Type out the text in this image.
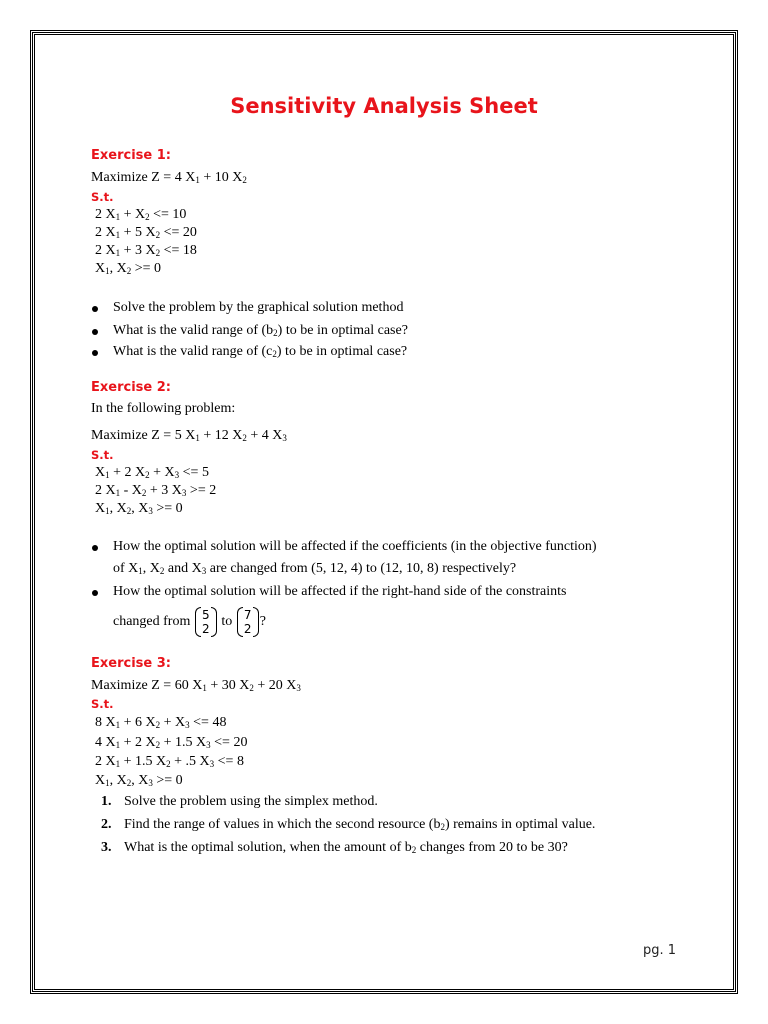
Sensitivity Analysis Sheet
Exercise 1:
Maximize Z = 4 $X_1 + 10$ $X_2$
S.t.
2 $X_1 + X_2 <= 10$
2 $X_1 + 5$ $X_2 <= 20$
2 $X_1 + 3$ $X_2 <= 18$
$X_1$, $X_2 >= 0$
Solve the problem by the graphical solution method
What is the valid range of $(b_2)$ to be in optimal case?
What is the valid range of $(c_2)$ to be in optimal case?
Exercise 2:
In the following problem:
Maximize Z = 5 $X_1 + 12$ $X_2 + 4$ $X_3$
S.t.
$X_1 + 2$ $X_2 + X_3 <= 5$
2 $X_1 - X_2 + 3$ $X_3 >= 2$
$X_1$, $X_2$, $X_3 >= 0$
How the optimal solution will be affected if the coefficients (in the objective function)
of $X_1$, $X_2$ and $X_3$ are changed from (5, 12, 4) to (12, 10, 8) respectively?
How the optimal solution will be affected if the right-hand side of the constraints
changed from 5
2 to 7
2 ?
Exercise 3:
Maximize Z = 60 $X_1 + 30$ $X_2 + 20$ $X_3$
S.t.
8 $X_1 + 6$ $X_2 + X_3 <= 48$
4 $X_1 + 2$ $X_2 + 1.5$ $X_3 <= 20$
2 $X_1 + 1.5$ $X_2 + .5$ $X_3 <= 8$
$X_1$, $X_2$, $X_3 >= 0$
1. Solve the problem using the simplex method.
2. Find the range of values in which the second resource $(b_2)$ remains in optimal value.
3. What is the optimal solution, when the amount of $b_2$ changes from 20 to be 30?
pg. 1
